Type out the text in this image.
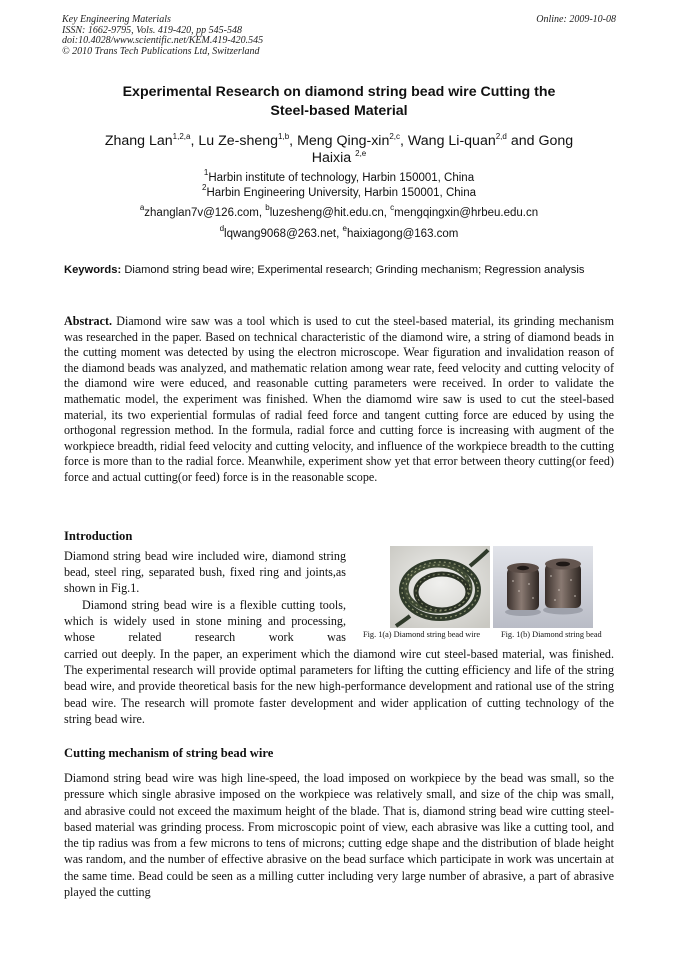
Key Engineering Materials
ISSN: 1662-9795, Vols. 419-420, pp 545-548
doi:10.4028/www.scientific.net/KEM.419-420.545
© 2010 Trans Tech Publications Ltd, Switzerland
Online: 2009-10-08
Experimental Research on diamond string bead wire Cutting the
Steel-based Material
Zhang Lan$^{1,2,a}$, Lu Ze-sheng$^{1,b}$, Meng Qing-xin$^{2,c}$, Wang Li-quan$^{2,d}$ and Gong
Haixia $^{2,e}$
$^1$Harbin institute of technology, Harbin 150001, China
$^2$Harbin Engineering University, Harbin 150001, China
$^a$zhanglan7v@126.com, $^b$luzesheng@hit.edu.cn, $^c$mengqingxin@hrbeu.edu.cn
$^d$lqwang9068@263.net, $^e$haixiagong@163.com
Keywords: Diamond string bead wire; Experimental research; Grinding mechanism; Regression analysis
Abstract. Diamond wire saw was a tool which is used to cut the steel-based material, its grinding mechanism was researched in the paper. Based on technical characteristic of the diamond wire, a string of diamond beads in the cutting moment was detected by using the electron microscope. Wear figuration and invalidation reason of the diamond beads was analyzed, and mathematic relation among wear rate, feed velocity and cutting velocity of the diamond wire were educed, and reasonable cutting parameters were received. In order to validate the mathematic model, the experiment was finished. When the diamomd wire saw is used to cut the steel-based material, its two experiential formulas of radial feed force and tangent cutting force are educed by using the orthogonal regression method. In the formula, radial force and cutting force is increasing with augment of the workpiece breadth, ridial feed velocity and cutting velocity, and influence of the workpiece breadth to the cutting force is more than to the radial force. Meanwhile, experiment show yet that error between theory cutting(or feed) force and actual cutting(or feed) force is in the reasonable scope.
Introduction
Diamond string bead wire included wire, diamond string bead, steel ring, separated bush, fixed ring and joints,as shown in Fig.1.
Diamond string bead wire is a flexible cutting tools, which is widely used in stone mining and processing, whose related research work was Fig. 1(a) Diamond string bead wire	Fig. 1(b) Diamond string bead
carried out deeply. In the paper, an experiment which the diamond wire cut steel-based material, was finished. The experimental research will provide optimal parameters for lifting the cutting efficiency and life of the string bead wire, and provide theoretical basis for the new high-performance development and rational use of the string bead wire. The research will promote faster development and wider application of cutting technology of the string bead wire.
Cutting mechanism of string bead wire
Diamond string bead wire was high line-speed, the load imposed on workpiece by the bead was small, so the pressure which single abrasive imposed on the workpiece was relatively small, and size of the chip was small, and abrasive could not exceed the maximum height of the blade. That is, diamond string bead wire cutting steel-based material was grinding process. From microscopic point of view, each abrasive was like a cutting tool, and the tip radius was from a few microns to tens of microns; cutting edge shape and the distribution of blade height was random, and the number of effective abrasive on the bead surface which participate in work was uncertain at the same time. Bead could be seen as a milling cutter including very large number of abrasive, a part of abrasive played the cutting
